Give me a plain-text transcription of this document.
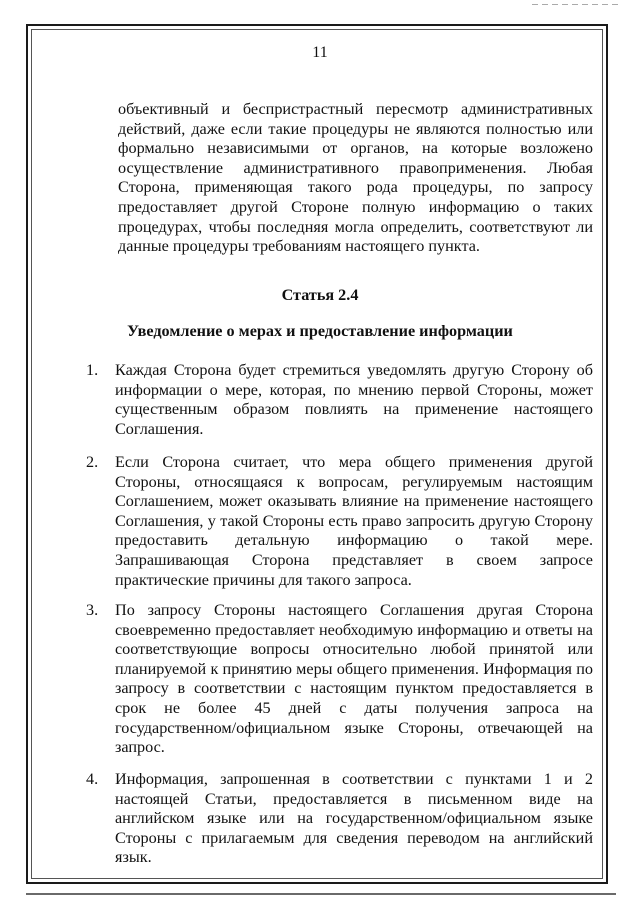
11

объективный и беспристрастный пересмотр административных действий, даже если такие процедуры не являются полностью или формально независимыми от органов, на которые возложено осуществление административного правоприменения. Любая Сторона, применяющая такого рода процедуры, по запросу предоставляет другой Стороне полную информацию о таких процедурах, чтобы последняя могла определить, соответствуют ли данные процедуры требованиям настоящего пункта.

Статья 2.4
Уведомление о мерах и предоставление информации
1. Каждая Сторона будет стремиться уведомлять другую Сторону об информации о мере, которая, по мнению первой Стороны, может существенным образом повлиять на применение настоящего Соглашения.
2. Если Сторона считает, что мера общего применения другой Стороны, относящаяся к вопросам, регулируемым настоящим Соглашением, может оказывать влияние на применение настоящего Соглашения, у такой Стороны есть право запросить другую Сторону предоставить детальную информацию о такой мере. Запрашивающая Сторона представляет в своем запросе практические причины для такого запроса.
3. По запросу Стороны настоящего Соглашения другая Сторона своевременно предоставляет необходимую информацию и ответы на соответствующие вопросы относительно любой принятой или планируемой к принятию меры общего применения. Информация по запросу в соответствии с настоящим пунктом предоставляется в срок не более 45 дней с даты получения запроса на государственном/официальном языке Стороны, отвечающей на запрос.
4. Информация, запрошенная в соответствии с пунктами 1 и 2 настоящей Статьи, предоставляется в письменном виде на английском языке или на государственном/официальном языке Стороны с прилагаемым для сведения переводом на английский язык.
